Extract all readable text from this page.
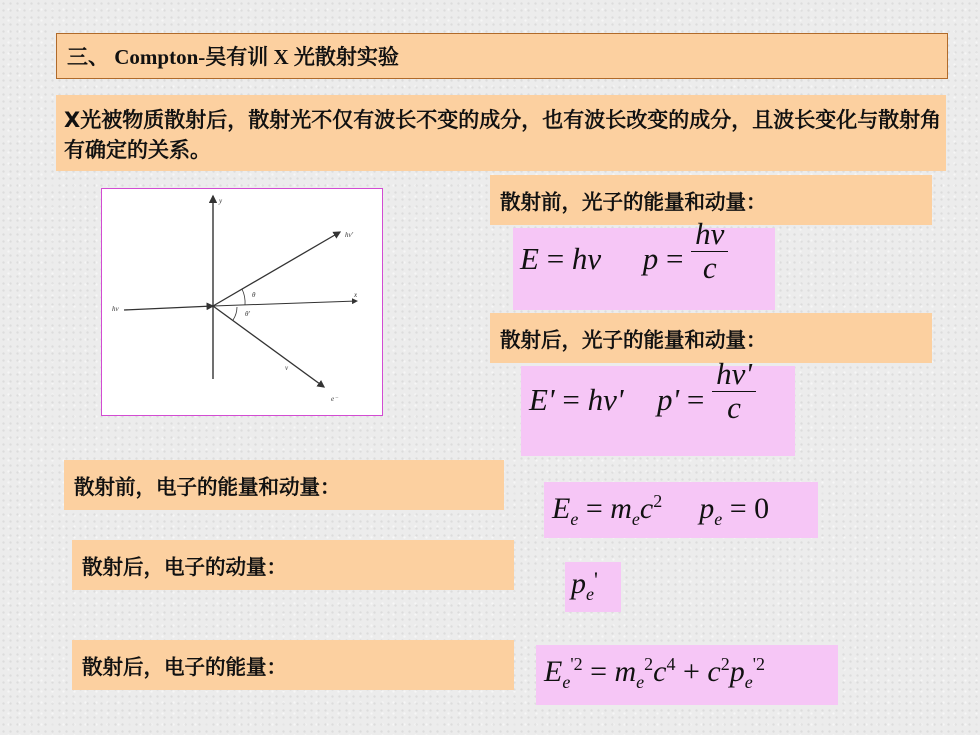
三、 Compton-吴有训 X 光散射实验
X光被物质散射后，散射光不仅有波长不变的成分，也有波长改变的成分，且波长变化与散射角有确定的关系。
y
x
hν
hν'
θ
θ'
v
e⁻
散射前，光子的能量和动量：
E = hν $p = \frac{h\nu}{c}$
散射后，光子的能量和动量：
E' = hν' $p' = \frac{h\nu'}{c}$
散射前，电子的能量和动量：
$E_e = m_ec^2$ $p_e = 0$
散射后，电子的动量：	$p_e'$
散射后，电子的能量：	$E_e^{'2} = m_e^2c^4 + c^2p_e^{'2}$
